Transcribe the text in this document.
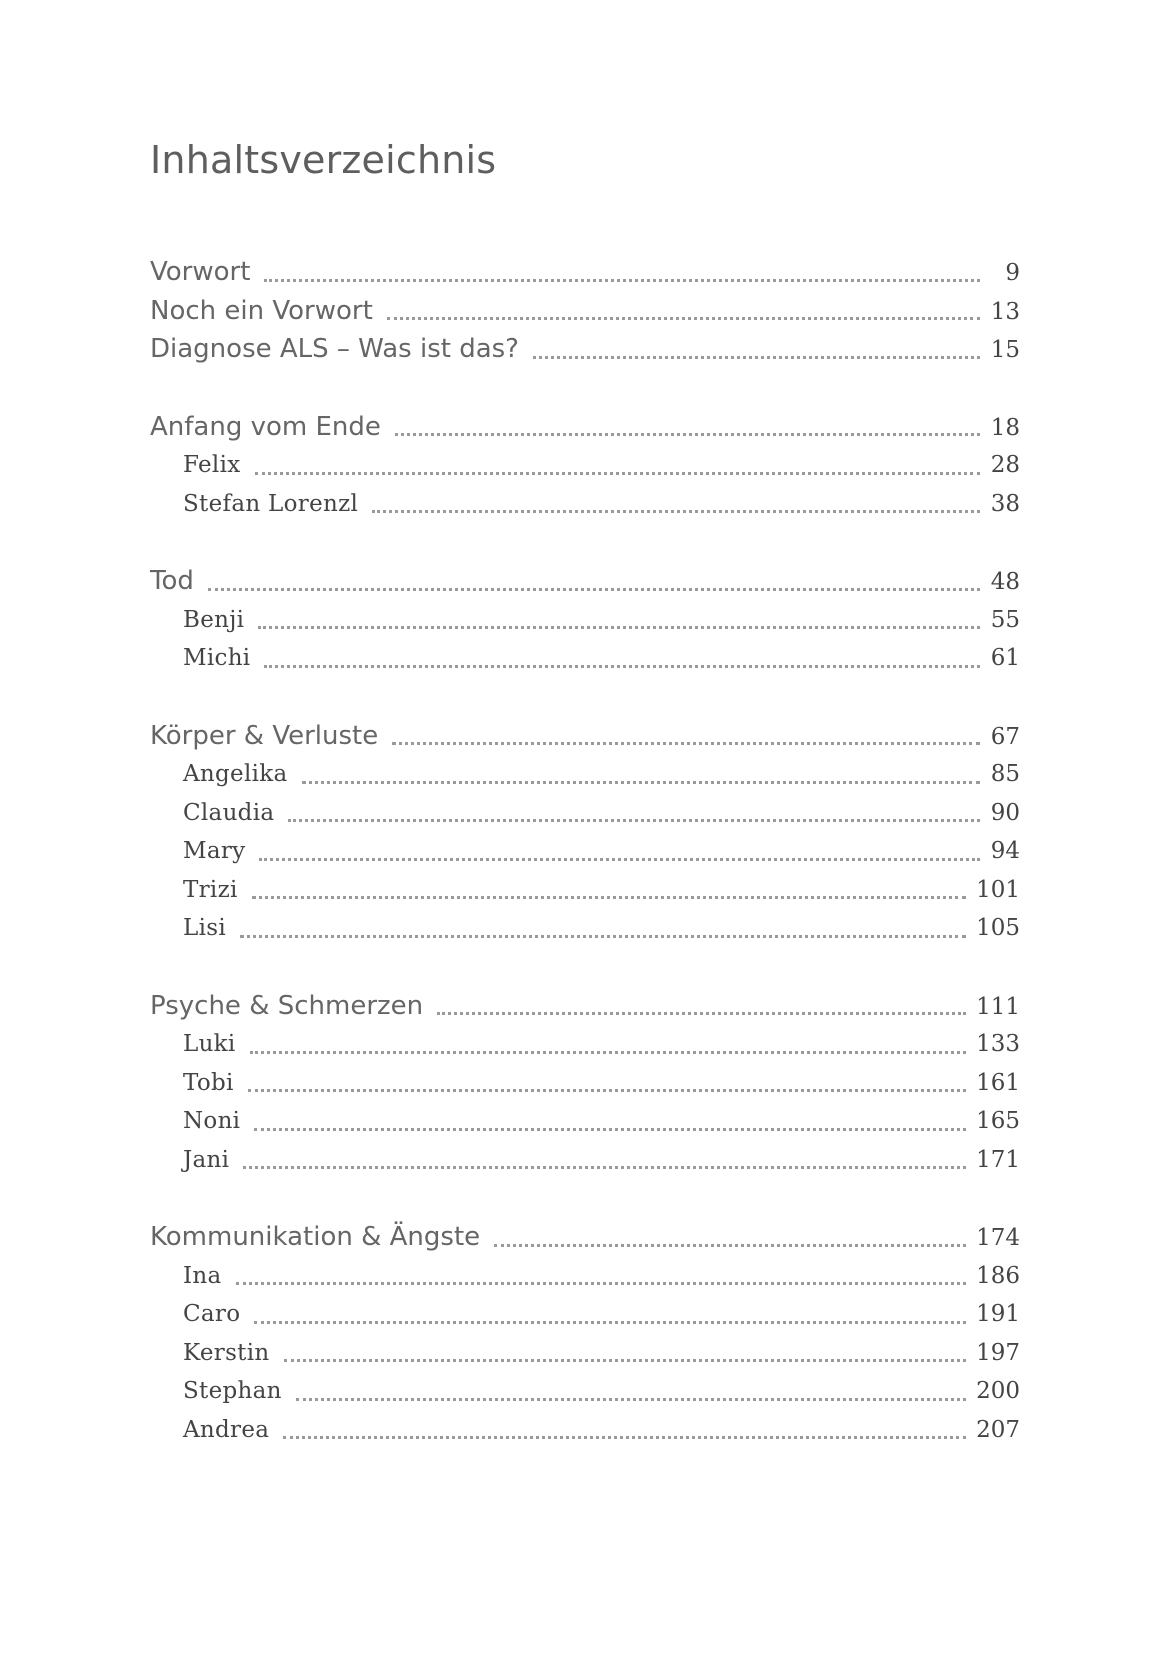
Inhaltsverzeichnis
Vorwort	9
Noch ein Vorwort	13
Diagnose ALS – Was ist das?	15
Anfang vom Ende	18
Felix	28
Stefan Lorenzl	38
Tod	48
Benji	55
Michi	61
Körper & Verluste	67
Angelika	85
Claudia	90
Mary	94
Trizi	101
Lisi	105
Psyche & Schmerzen	111
Luki	133
Tobi	161
Noni	165
Jani	171
Kommunikation & Ängste	174
Ina	186
Caro	191
Kerstin	197
Stephan	200
Andrea	207
